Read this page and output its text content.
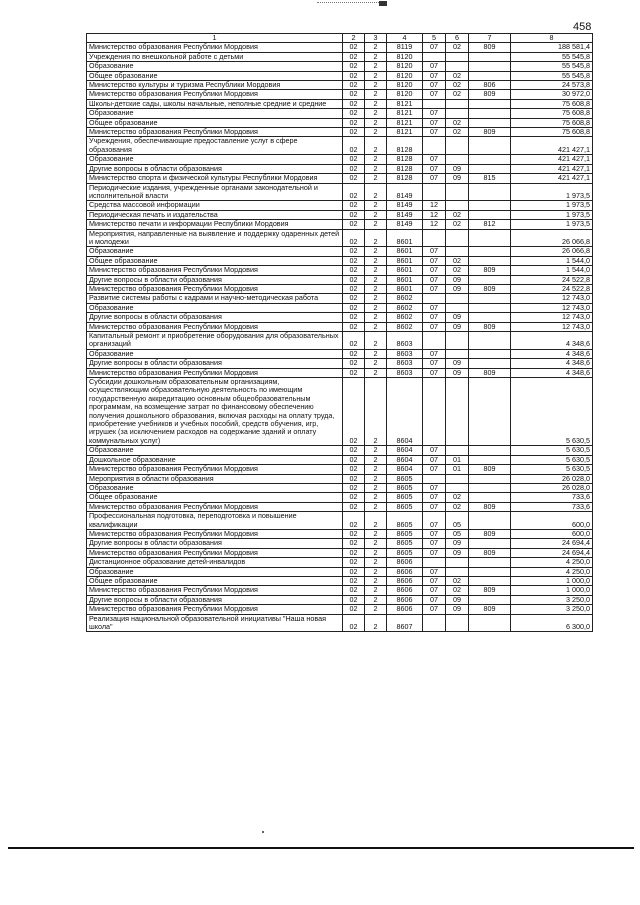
458
1	2	3	4	5	6	7	8
Министерство образования Республики Мордовия	02	2	8119	07	02	809	188 581,4
Учреждения по внешкольной работе с детьми	02	2	8120				55 545,8
Образование	02	2	8120	07			55 545,8
Общее образование	02	2	8120	07	02		55 545,8
Министерство культуры и туризма Республики Мордовия	02	2	8120	07	02	806	24 573,8
Министерство образования Республики Мордовия	02	2	8120	07	02	809	30 972,0
Школы-детские сады, школы начальные, неполные средние и средние	02	2	8121				75 608,8
Образование	02	2	8121	07			75 608,8
Общее образование	02	2	8121	07	02		75 608,8
Министерство образования Республики Мордовия	02	2	8121	07	02	809	75 608,8
Учреждения, обеспечивающие предоставление услуг в сфере образования	02	2	8128				421 427,1
Образование	02	2	8128	07			421 427,1
Другие вопросы в области образования	02	2	8128	07	09		421 427,1
Министерство спорта и физической культуры Республики Мордовия	02	2	8128	07	09	815	421 427,1
Периодические издания, учрежденные органами законодательной и исполнительной власти	02	2	8149				1 973,5
Средства массовой информации	02	2	8149	12			1 973,5
Периодическая печать и издательства	02	2	8149	12	02		1 973,5
Министерство печати и информации Республики Мордовия	02	2	8149	12	02	812	1 973,5
Мероприятия, направленные на выявление и поддержку одаренных детей и молодежи	02	2	8601				26 066,8
Образование	02	2	8601	07			26 066,8
Общее образование	02	2	8601	07	02		1 544,0
Министерство образования Республики Мордовия	02	2	8601	07	02	809	1 544,0
Другие вопросы в области образования	02	2	8601	07	09		24 522,8
Министерство образования Республики Мордовия	02	2	8601	07	09	809	24 522,8
Развитие системы работы с кадрами и научно-методическая работа	02	2	8602				12 743,0
Образование	02	2	8602	07			12 743,0
Другие вопросы в области образования	02	2	8602	07	09		12 743,0
Министерство образования Республики Мордовия	02	2	8602	07	09	809	12 743,0
Капитальный ремонт и приобретение оборудования для образовательных организаций	02	2	8603				4 348,6
Образование	02	2	8603	07			4 348,6
Другие вопросы в области образования	02	2	8603	07	09		4 348,6
Министерство образования Республики Мордовия	02	2	8603	07	09	809	4 348,6
Субсидии дошкольным образовательным организациям, осуществляющим образовательную деятельность по имеющим государственную аккредитацию основным общеобразовательным программам, на возмещение затрат по финансовому обеспечению получения дошкольного образования, включая расходы на оплату труда, приобретение учебников и учебных пособий, средств обучения, игр, игрушек (за исключением расходов на содержание зданий и оплату коммунальных услуг)	02	2	8604				5 630,5
Образование	02	2	8604	07			5 630,5
Дошкольное образование	02	2	8604	07	01		5 630,5
Министерство образования Республики Мордовия	02	2	8604	07	01	809	5 630,5
Мероприятия в области образования	02	2	8605				26 028,0
Образование	02	2	8605	07			26 028,0
Общее образование	02	2	8605	07	02		733,6
Министерство образования Республики Мордовия	02	2	8605	07	02	809	733,6
Профессиональная подготовка, переподготовка и повышение квалификации	02	2	8605	07	05		600,0
Министерство образования Республики Мордовия	02	2	8605	07	05	809	600,0
Другие вопросы в области образования	02	2	8605	07	09		24 694,4
Министерство образования Республики Мордовия	02	2	8605	07	09	809	24 694,4
Дистанционное образование детей-инвалидов	02	2	8606				4 250,0
Образование	02	2	8606	07			4 250,0
Общее образование	02	2	8606	07	02		1 000,0
Министерство образования Республики Мордовия	02	2	8606	07	02	809	1 000,0
Другие вопросы в области образования	02	2	8606	07	09		3 250,0
Министерство образования Республики Мордовия	02	2	8606	07	09	809	3 250,0
Реализация национальной образовательной инициативы "Наша новая школа"	02	2	8607				6 300,0
